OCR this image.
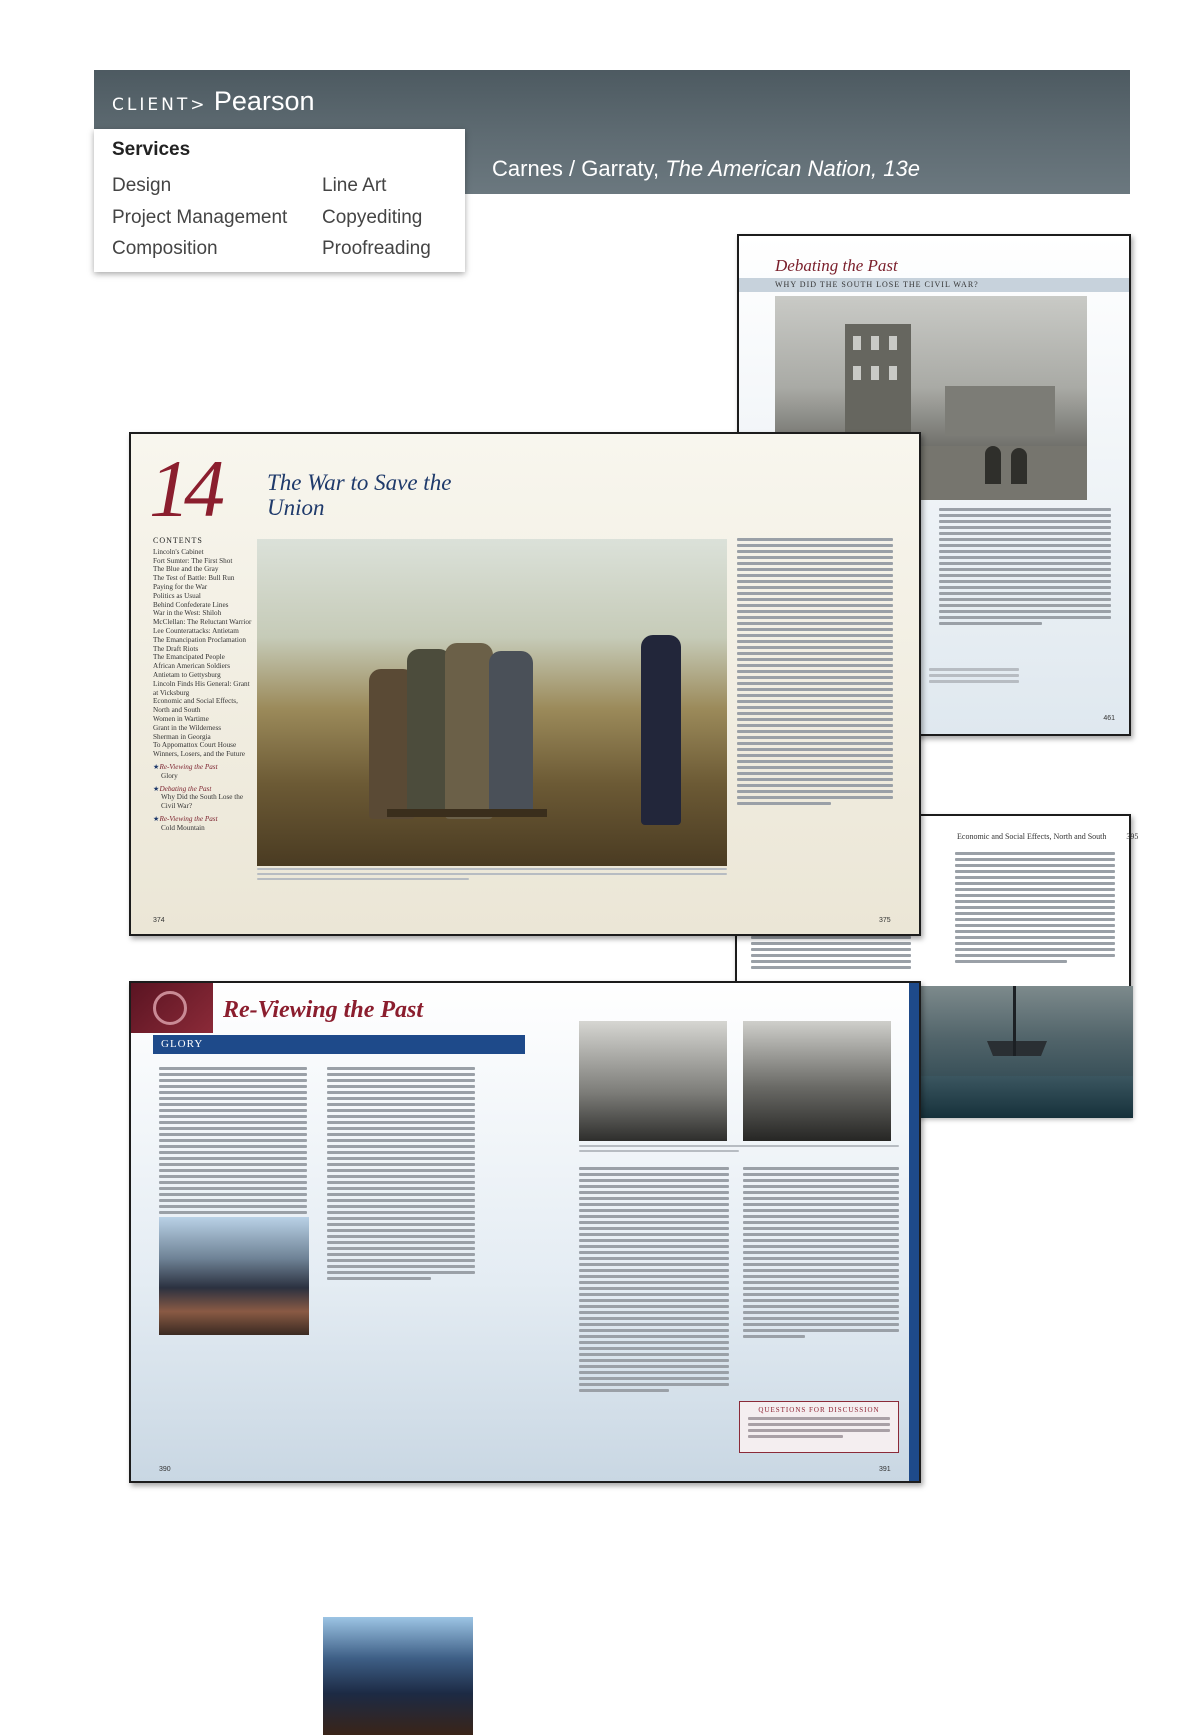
CLIENT> Pearson
Carnes / Garraty, The American Nation, 13e
Services
Design
Project Management
Composition
Line Art
Copyediting
Proofreading
Debating the Past
WHY DID THE SOUTH LOSE THE CIVIL WAR?
461
Economic and Social Effects, North and South	395
14 The War to Save the Union
CONTENTS
Lincoln's Cabinet
Fort Sumter: The First Shot
The Blue and the Gray
The Test of Battle: Bull Run
Paying for the War
Politics as Usual
Behind Confederate Lines
War in the West: Shiloh
McClellan: The Reluctant Warrior
Lee Counterattacks: Antietam
The Emancipation Proclamation
The Draft Riots
The Emancipated People
African American Soldiers
Antietam to Gettysburg
Lincoln Finds His General: Grant at Vicksburg
Economic and Social Effects, North and South
Women in Wartime
Grant in the Wilderness
Sherman in Georgia
To Appomattox Court House
Winners, Losers, and the Future
★ Re-Viewing the Past
Glory
★ Debating the Past
Why Did the South Lose the Civil War?
★ Re-Viewing the Past
Cold Mountain
374	375
Re-Viewing the Past
GLORY
QUESTIONS FOR DISCUSSION
390	391
